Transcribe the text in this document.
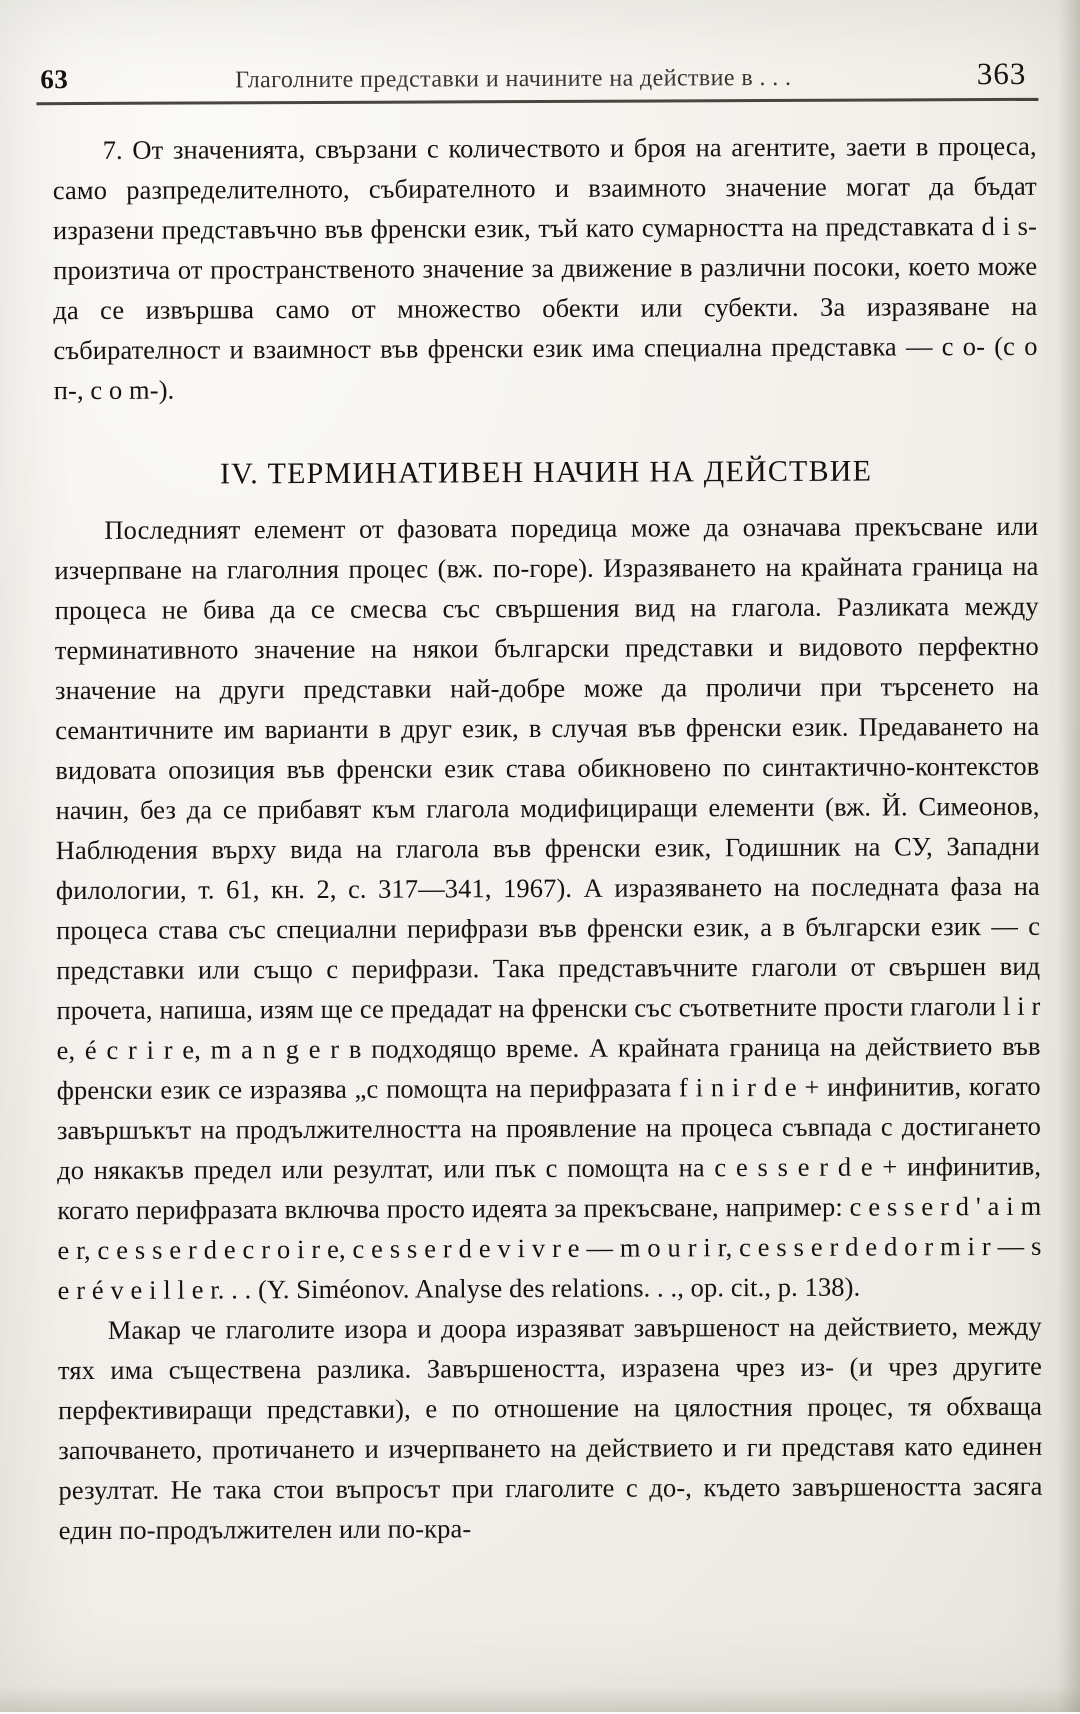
63	Глаголните представки и начините на действие в . . .	363

7. От значенията, свързани с количеството и броя на агентите, заети в процеса, само разпределителното, събирателното и взаимното значение могат да бъдат изразени представъчно във френски език, тъй като сумарността на представката d i s- произтича от пространственото значение за движение в различни посоки, което може да се извършва само от множество обекти или субекти. За изразяване на събирателност и взаимност във френски език има специална представка — с о- (с о п-, с о m-).

IV. ТЕРМИНАТИВЕН НАЧИН НА ДЕЙСТВИЕ

Последният елемент от фазовата поредица може да означава прекъсване или изчерпване на глаголния процес (вж. по-горе). Изразяването на крайната граница на процеса не бива да се смесва със свършения вид на глагола. Разликата между терминативното значение на някои български представки и видовото перфектно значение на други представки най-добре може да проличи при търсенето на семантичните им варианти в друг език, в случая във френски език. Предаването на видовата опозиция във френски език става обикновено по синтактично-контекстов начин, без да се прибавят към глагола модифициращи елементи (вж. Й. Симеонов, Наблюдения върху вида на глагола във френски език, Годишник на СУ, Западни филологии, т. 61, кн. 2, с. 317—341, 1967). А изразяването на последната фаза на процеса става със специални перифрази във френски език, а в български език — с представки или също с перифрази. Така представъчните глаголи от свършен вид прочета, напиша, изям ще се предадат на френски със съответните прости глаголи l i r e, é c r i r e, m a n g e r в подходящо време. А крайната граница на действието във френски език се изразява „с помощта на перифразата f i n i r d e + инфинитив, когато завършъкът на продължителността на проявление на процеса съвпада с достигането до някакъв предел или резултат, или пък с помощта на c e s s e r d e + инфинитив, когато перифразата включва просто идеята за прекъсване, например: c e s s e r d ' a i m e r, c e s s e r d e c r o i r e, c e s s e r d e v i v r e — m o u r i r, c e s s e r d e d o r m i r — s e r é v e i l l e r. . . (Y. Siméonov. Analyse des relations. . ., op. cit., p. 138).

Макар че глаголите изора и доора изразяват завършеност на действието, между тях има съществена разлика. Завършеността, изразена чрез из- (и чрез другите перфективиращи представки), е по отношение на цялостния процес, тя обхваща започването, протичането и изчерпването на действието и ги представя като единен резултат. Не така стои въпросът при глаголите с до-, където завършеността засяга един по-продължителен или по-кра-
